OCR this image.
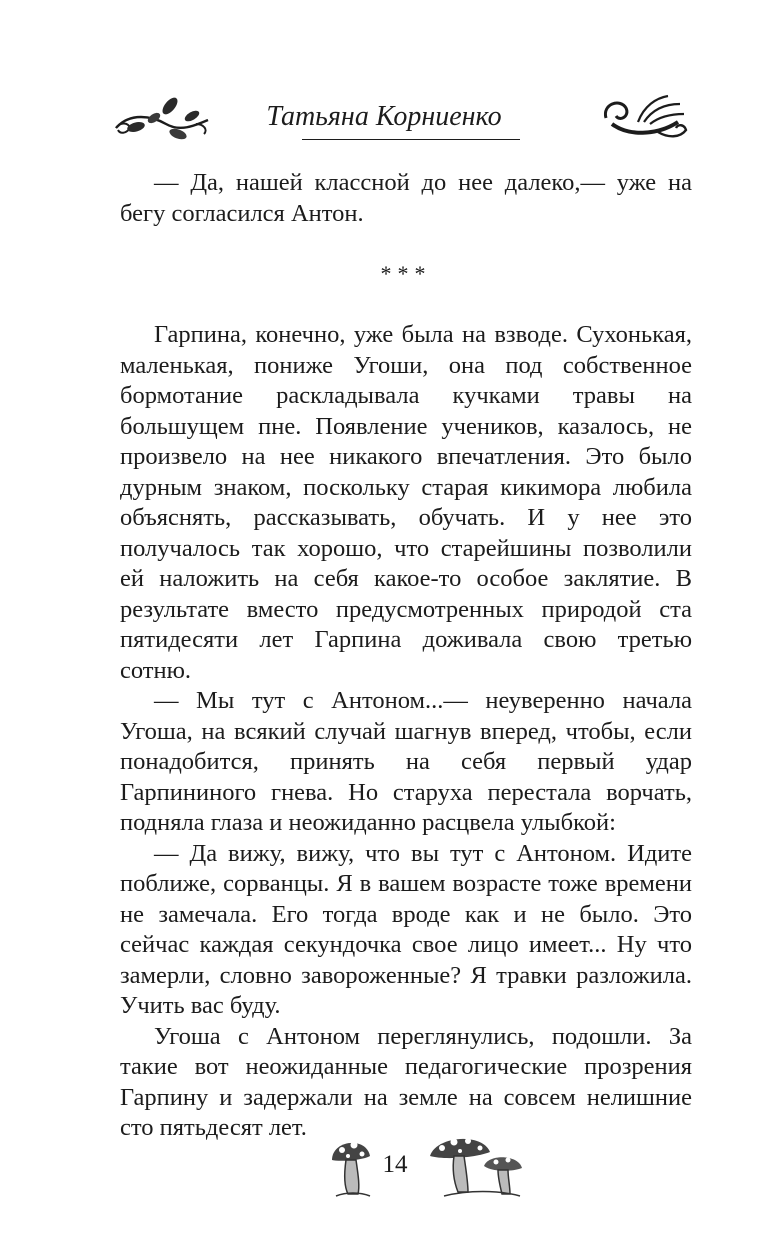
Татьяна Корниенко

— Да, нашей классной до нее далеко,— уже на бегу согласился Антон.

***

Гарпина, конечно, уже была на взводе. Сухонькая, маленькая, пониже Угоши, она под собственное бормотание раскладывала кучками травы на большущем пне. Появление учеников, казалось, не произвело на нее никакого впечатления. Это было дурным знаком, поскольку старая кикимора любила объяснять, рассказывать, обучать. И у нее это получалось так хорошо, что старейшины позволили ей наложить на себя какое-то особое заклятие. В результате вместо предусмотренных природой ста пятидесяти лет Гарпина доживала свою третью сотню.

— Мы тут с Антоном...— неуверенно начала Угоша, на всякий случай шагнув вперед, чтобы, если понадобится, принять на себя первый удар Гарпининого гнева. Но старуха перестала ворчать, подняла глаза и неожиданно расцвела улыбкой:

— Да вижу, вижу, что вы тут с Антоном. Идите поближе, сорванцы. Я в вашем возрасте тоже времени не замечала. Его тогда вроде как и не было. Это сейчас каждая секундочка свое лицо имеет... Ну что замерли, словно завороженные? Я травки разложила. Учить вас буду.

Угоша с Антоном переглянулись, подошли. За такие вот неожиданные педагогические прозрения Гарпину и задержали на земле на совсем нелишние сто пятьдесят лет.

14
